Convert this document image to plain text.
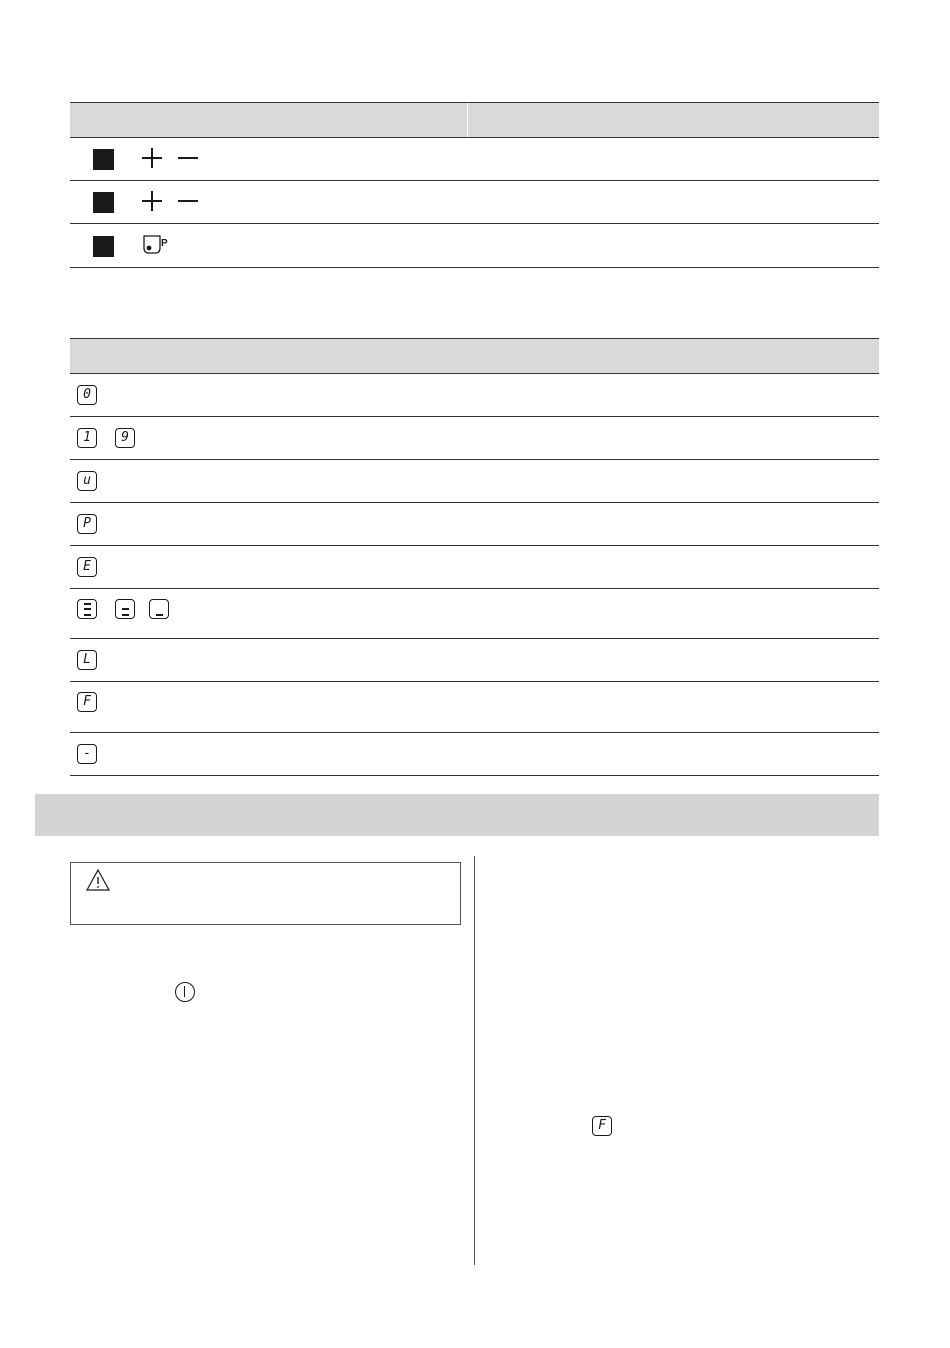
P
0
1	9
u
P
E
L
F
-
F
